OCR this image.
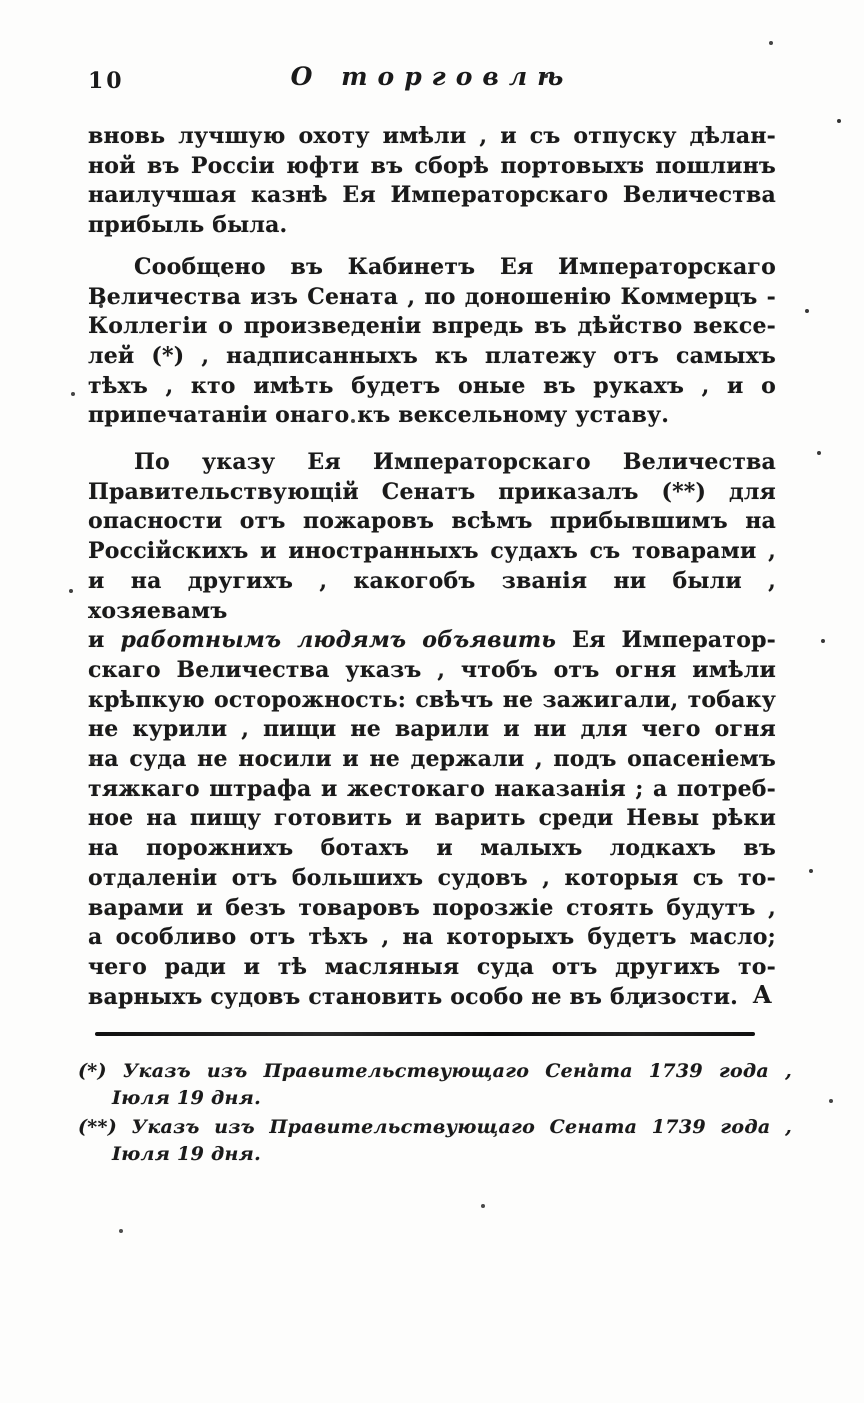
10	О торговлѣ
вновь лучшую охоту имѣли , и съ отпуску дѣлан-
ной въ Россіи юфти въ сборѣ портовыхъ пошлинъ
наилучшая казнѣ Ея Императорскаго Величества
прибыль была.
Сообщено въ Кабинетъ Ея Императорскаго
Величества изъ Сената , по доношенію Коммерцъ -
Коллегіи о произведеніи впредь въ дѣйство вексе-
лей (*) , надписанныхъ къ платежу отъ самыхъ
тѣхъ , кто имѣть будетъ оные въ рукахъ , и о
припечатаніи онаго къ вексельному уставу.
По указу Ея Императорскаго Величества
Правительствующій Сенатъ приказалъ (**) для
опасности отъ пожаровъ всѣмъ прибывшимъ на
Россійскихъ и иностранныхъ судахъ съ товарами ,
и на другихъ , какогобъ званія ни были , хозяевамъ
и работнымъ людямъ объявить Ея Император-
скаго Величества указъ , чтобъ отъ огня имѣли
крѣпкую осторожность: свѣчъ не зажигали, тобаку
не курили , пищи не варили и ни для чего огня
на суда не носили и не держали , подъ опасеніемъ
тяжкаго штрафа и жестокаго наказанія ; а потреб-
ное на пищу готовить и варить среди Невы рѣки
на порожнихъ ботахъ и малыхъ лодкахъ въ
отдаленіи отъ большихъ судовъ , которыя съ то-
варами и безъ товаровъ порозжіе стоять будутъ ,
а особливо отъ тѣхъ , на которыхъ будетъ масло;
чего ради и тѣ масляныя суда отъ другихъ то-
варныхъ судовъ становить особо не въ близости. А
(*) Указъ изъ Правительствующаго Сената 1739 года ,
Іюля 19 дня.
(**) Указъ изъ Правительствующаго Сената 1739 года ,
Іюля 19 дня.
